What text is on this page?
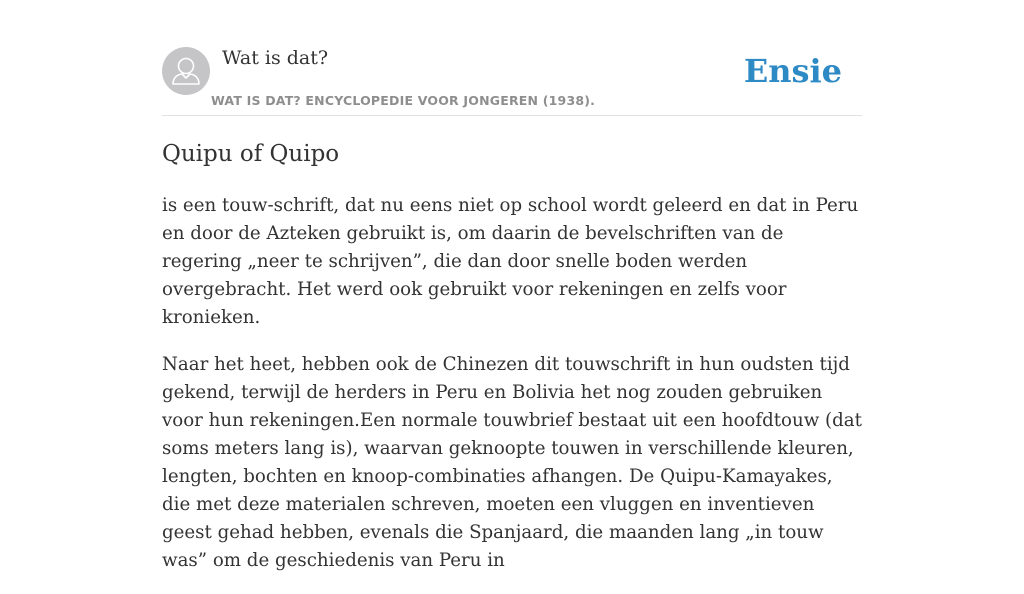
Wat is dat?
WAT IS DAT? ENCYCLOPEDIE VOOR JONGEREN (1938).
Ensie
Quipu of Quipo

is een touw-schrift, dat nu eens niet op school wordt geleerd en dat in Peru en door de Azteken gebruikt is, om daarin de bevelschriften van de regering „neer te schrijven”, die dan door snelle boden werden overgebracht. Het werd ook gebruikt voor rekeningen en zelfs voor kronieken.

Naar het heet, hebben ook de Chinezen dit touwschrift in hun oudsten tijd gekend, terwijl de herders in Peru en Bolivia het nog zouden gebruiken voor hun rekeningen.Een normale touwbrief bestaat uit een hoofdtouw (dat soms meters lang is), waarvan geknoopte touwen in verschillende kleuren, lengten, bochten en knoop-combinaties afhangen. De Quipu-Kamayakes, die met deze materialen schreven, moeten een vluggen en inventieven geest gehad hebben, evenals die Spanjaard, die maanden lang „in touw was” om de geschiedenis van Peru in
